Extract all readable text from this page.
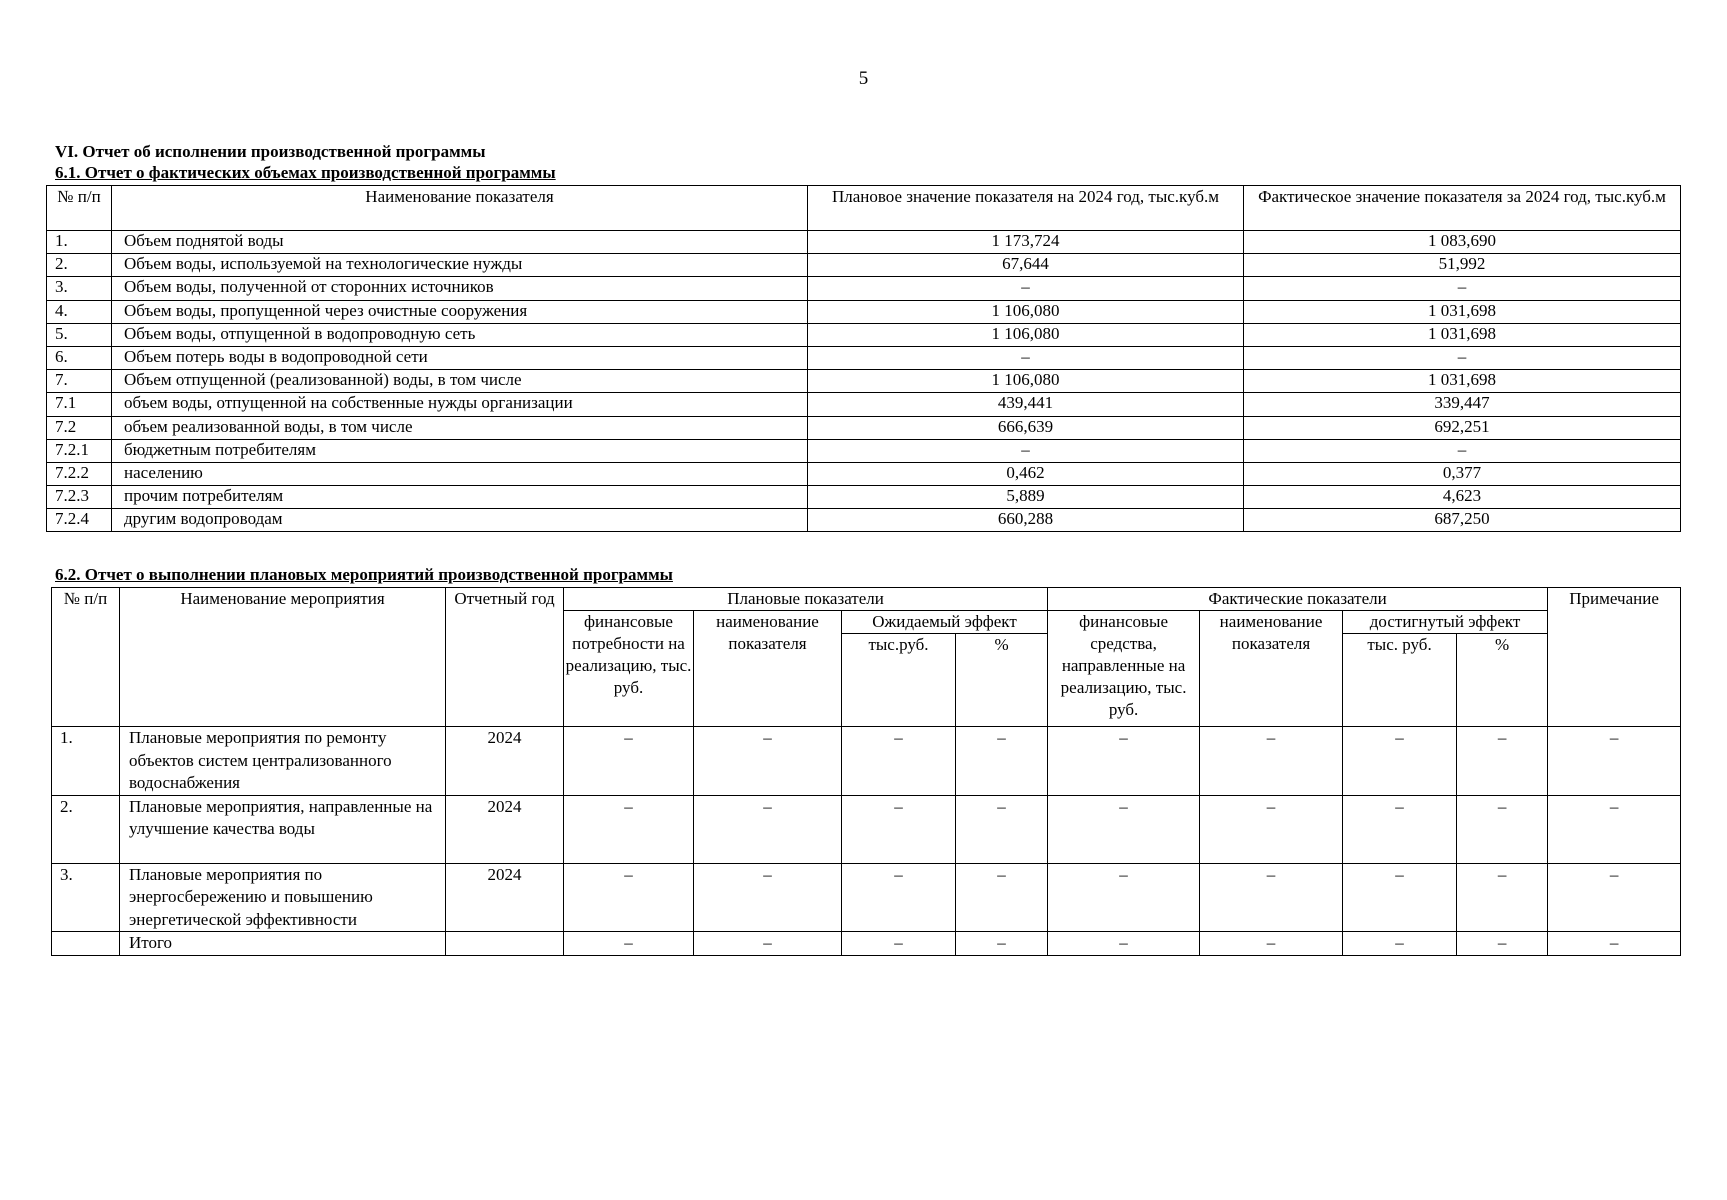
5
VI. Отчет об исполнении производственной программы
6.1. Отчет о фактических объемах производственной программы
№ п/п	Наименование показателя	Плановое значение показателя на 2024 год, тыс.куб.м	Фактическое значение показателя за 2024 год, тыс.куб.м
1.	Объем поднятой воды	1 173,724	1 083,690
2.	Объем воды, используемой на технологические нужды	67,644	51,992
3.	Объем воды, полученной от сторонних источников	–	–
4.	Объем воды, пропущенной через очистные сооружения	1 106,080	1 031,698
5.	Объем воды, отпущенной в водопроводную сеть	1 106,080	1 031,698
6.	Объем потерь воды в водопроводной сети	–	–
7.	Объем отпущенной (реализованной) воды, в том числе	1 106,080	1 031,698
7.1	объем воды, отпущенной на собственные нужды организации	439,441	339,447
7.2	объем реализованной воды, в том числе	666,639	692,251
7.2.1	бюджетным потребителям	–	–
7.2.2	населению	0,462	0,377
7.2.3	прочим потребителям	5,889	4,623
7.2.4	другим водопроводам	660,288	687,250
6.2. Отчет о выполнении плановых мероприятий производственной программы
№ п/п	Наименование мероприятия	Отчетный год	Плановые показатели				Фактические показатели				Примечание
			финансовые потребности на реализацию, тыс. руб.	наименование показателя	Ожидаемый эффект		финансовые средства, направленные на реализацию, тыс. руб.	наименование показателя	достигнутый эффект		
					тыс.руб.	%			тыс. руб.	%	
1.	Плановые мероприятия по ремонту объектов систем централизованного водоснабжения	2024	–	–	–	–	–	–	–	–	–
2.	Плановые мероприятия, направленные на улучшение качества воды	2024	–	–	–	–	–	–	–	–	–
3.	Плановые мероприятия по энергосбережению и повышению энергетической эффективности	2024	–	–	–	–	–	–	–	–	–
	Итого		–	–	–	–	–	–	–	–	–
